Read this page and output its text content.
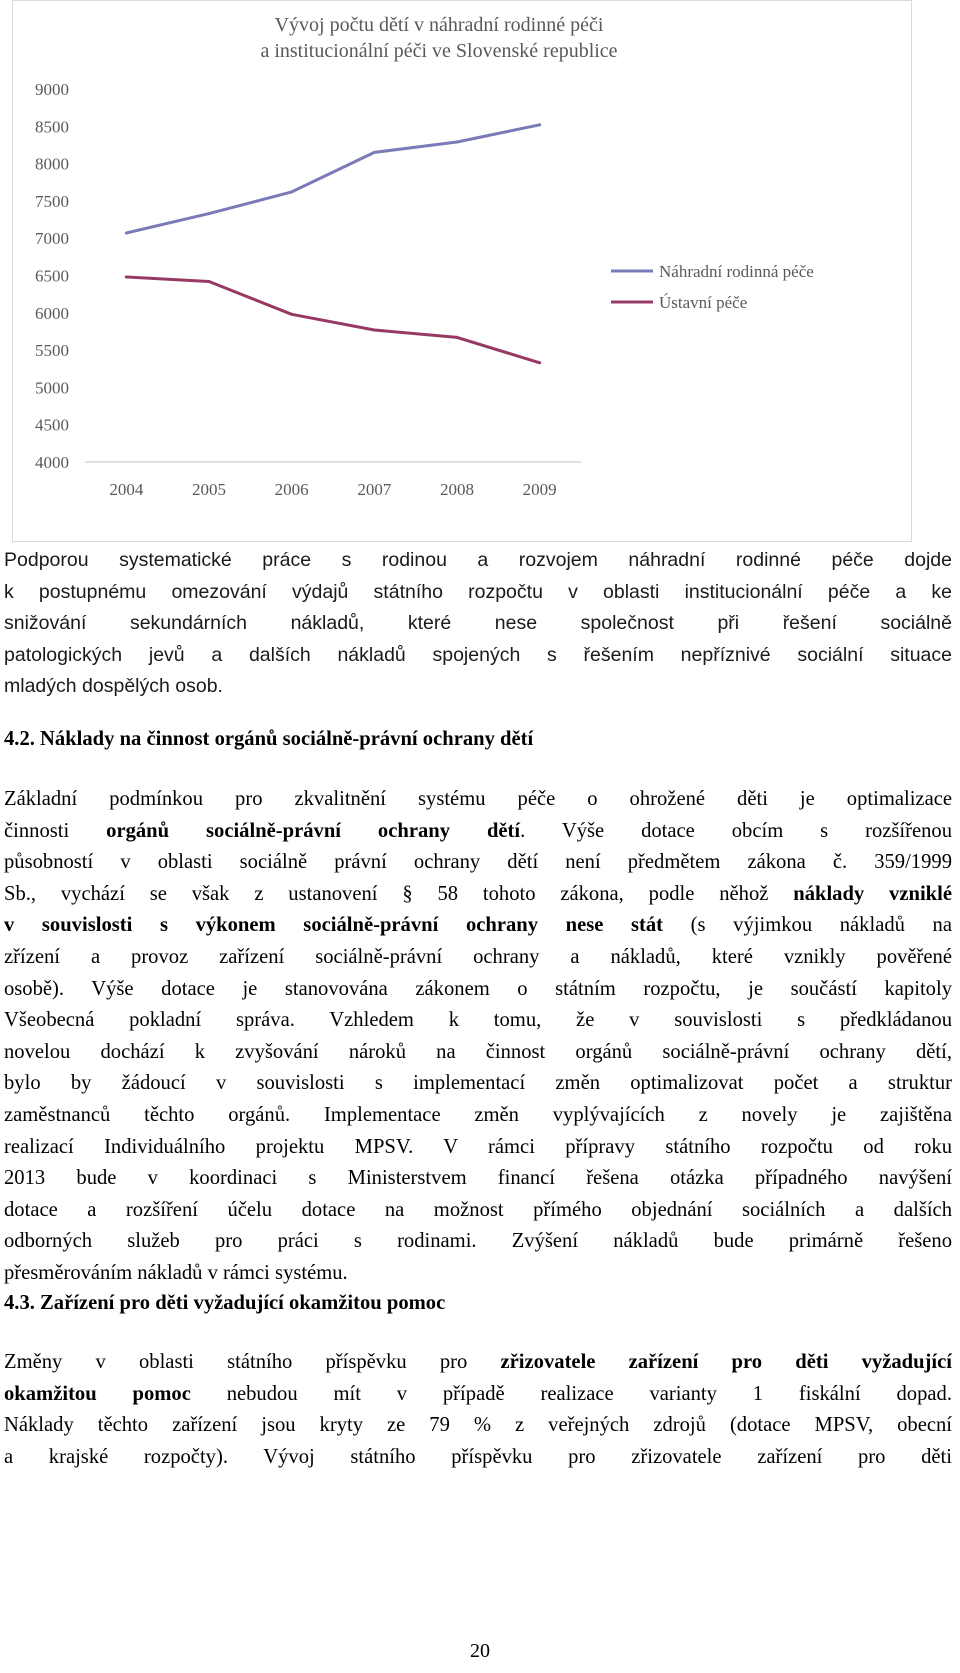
Vývoj počtu dětí v náhradní rodinné péči
a institucionální péči ve Slovenské republice
9000
8500
8000
7500
7000
6500
6000
5500
5000
4500
4000
2004	2005	2006	2007	2008	2009
Náhradní rodinná péče
Ústavní péče
Podporou systematické práce s rodinou a rozvojem náhradní rodinné péče dojde
k postupnému omezování výdajů státního rozpočtu v oblasti institucionální péče a ke
snižování sekundárních nákladů, které nese společnost při řešení sociálně
patologických jevů a dalších nákladů spojených s řešením nepříznivé sociální situace
mladých dospělých osob.
4.2. Náklady na činnost orgánů sociálně-právní ochrany dětí
Základní podmínkou pro zkvalitnění systému péče o ohrožené děti je optimalizace
činnosti orgánů sociálně-právní ochrany dětí. Výše dotace obcím s rozšířenou
působností v oblasti sociálně právní ochrany dětí není předmětem zákona č. 359/1999
Sb., vychází se však z ustanovení § 58 tohoto zákona, podle něhož náklady vzniklé
v souvislosti s výkonem sociálně-právní ochrany nese stát (s výjimkou nákladů na
zřízení a provoz zařízení sociálně-právní ochrany a nákladů, které vznikly pověřené
osobě). Výše dotace je stanovována zákonem o státním rozpočtu, je součástí kapitoly
Všeobecná pokladní správa. Vzhledem k tomu, že v souvislosti s předkládanou
novelou dochází k zvyšování nároků na činnost orgánů sociálně-právní ochrany dětí,
bylo by žádoucí v souvislosti s implementací změn optimalizovat počet a struktur
zaměstnanců těchto orgánů. Implementace změn vyplývajících z novely je zajištěna
realizací Individuálního projektu MPSV. V rámci přípravy státního rozpočtu od roku
2013 bude v koordinaci s Ministerstvem financí řešena otázka případného navýšení
dotace a rozšíření účelu dotace na možnost přímého objednání sociálních a dalších
odborných služeb pro práci s rodinami. Zvýšení nákladů bude primárně řešeno
přesměrováním nákladů v rámci systému.
4.3. Zařízení pro děti vyžadující okamžitou pomoc
Změny v oblasti státního příspěvku pro zřizovatele zařízení pro děti vyžadující
okamžitou pomoc nebudou mít v případě realizace varianty 1 fiskální dopad.
Náklady těchto zařízení jsou kryty ze 79 % z veřejných zdrojů (dotace MPSV, obecní
a krajské rozpočty). Vývoj státního příspěvku pro zřizovatele zařízení pro děti
20
